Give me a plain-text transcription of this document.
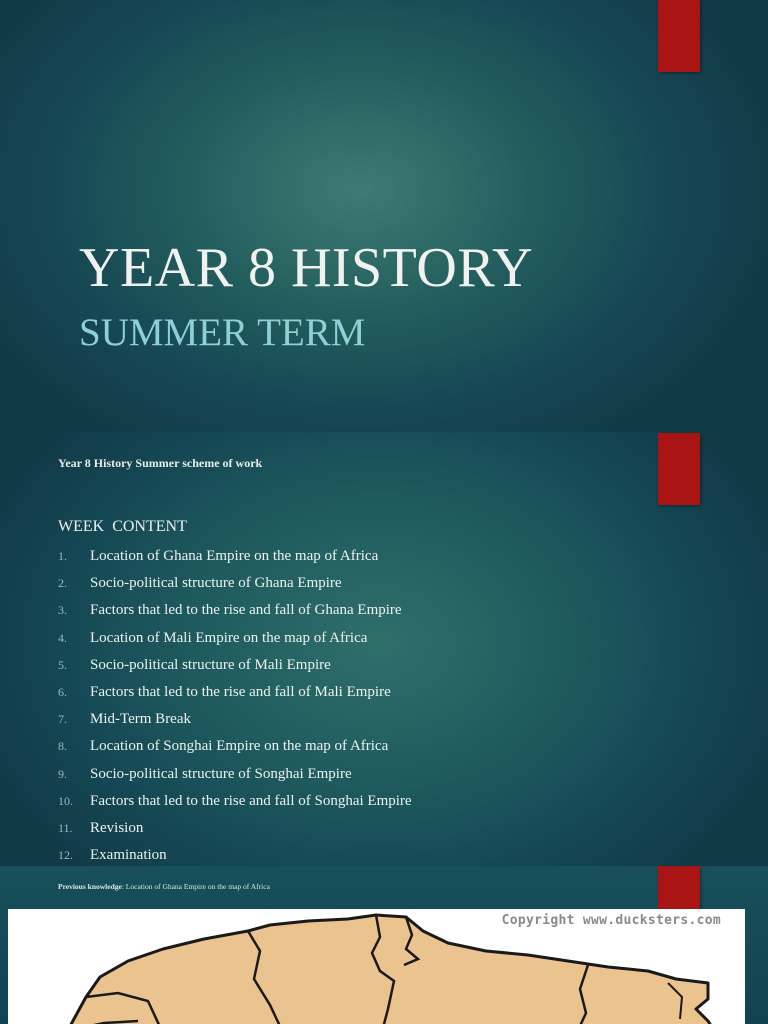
YEAR 8 HISTORY
SUMMER TERM
Year 8 History Summer scheme of work
WEEK  CONTENT
1.	Location of Ghana Empire on the map of Africa
2.	Socio-political structure of Ghana Empire
3.	Factors that led to the rise and fall of Ghana Empire
4.	Location of Mali Empire on the map of Africa
5.	Socio-political structure of Mali Empire
6.	Factors that led to the rise and fall of Mali Empire
7.	Mid-Term Break
8.	Location of Songhai Empire on the map of Africa
9.	Socio-political structure of Songhai Empire
10.	Factors that led to the rise and fall of Songhai Empire
11.	Revision
12.	Examination
Previous knowledge: Location of Ghana Empire on the map of Africa
Copyright www.ducksters.com
